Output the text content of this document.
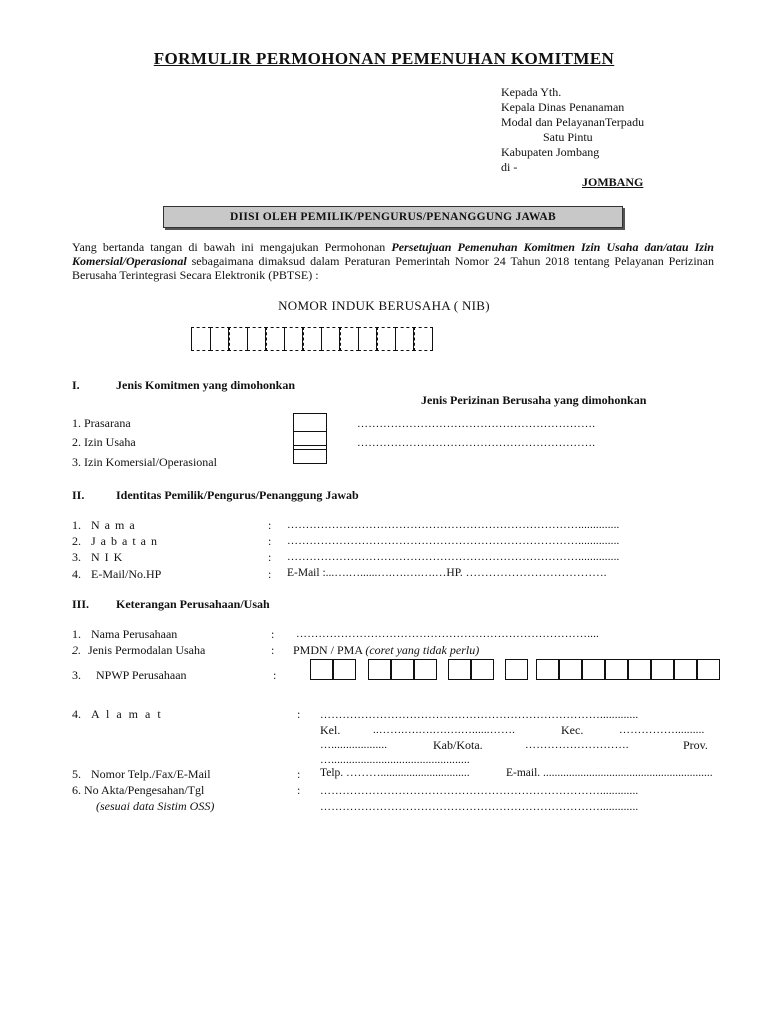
FORMULIR PERMOHONAN PEMENUHAN KOMITMEN
Kepada Yth.
Kepala Dinas Penanaman
Modal dan PelayananTerpadu
Satu Pintu
Kabupaten Jombang
di -
JOMBANG
DIISI OLEH PEMILIK/PENGURUS/PENANGGUNG JAWAB
Yang bertanda tangan di bawah ini mengajukan Permohonan Persetujuan Pemenuhan Komitmen Izin Usaha dan/atau Izin Komersial/Operasional sebagaimana dimaksud dalam Peraturan Pemerintah Nomor 24 Tahun 2018 tentang Pelayanan Perizinan Berusaha Terintegrasi Secara Elektronik (PBTSE) :
NOMOR INDUK BERUSAHA ( NIB)
I.	Jenis Komitmen yang dimohonkan
Jenis Perizinan Berusaha yang dimohonkan
1. Prasarana	……………………………………………………….
2. Izin Usaha	……………………………………………………….
3. Izin Komersial/Operasional
II.	Identitas Pemilik/Pengurus/Penanggung Jawab
1. N a m a	: ……………………………………………………………………..............
2. J a b a t a n	: ……………………………………………………………………..............
3. N I K	: ……………………………………………………………………..............
4. E-Mail/No.HP	: E-Mail :...….…......….….….….…HP. ……………………………….
III. Keterangan Perusahaan/Usah
1. Nama Perusahaan	: ……………………………………………………………………....
2. Jenis Permodalan Usaha	: PMDN / PMA (coret yang tidak perlu)
3. NPWP Perusahaan	:
4. A l a m a t	: ………………………………………………………………….............
Kel.	..…….….….….….…......…….	Kec.	……………..........
…...................	Kab/Kota.	……………………….	Prov.
…...............................................
5. Nomor Telp./Fax/E-Mail	: Telp. ………...............................	E-mail. ...........................................................
6. No Akta/Pengesahan/Tgl	: ………………………………………………………………….............
(sesuai data Sistim OSS)	………………………………………………………………….............
